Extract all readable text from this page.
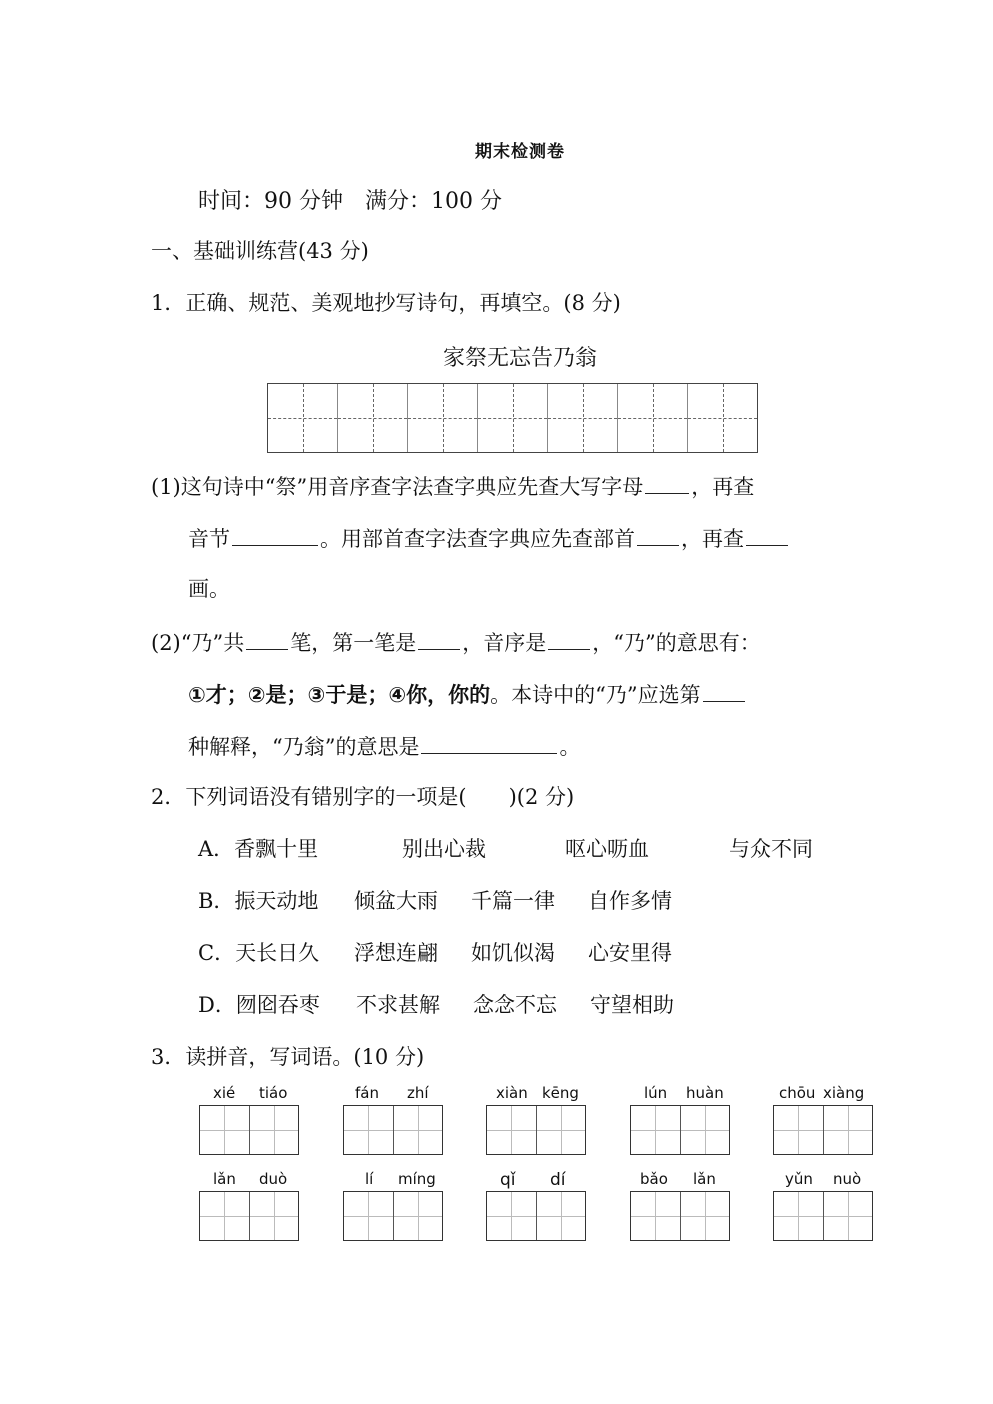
期末检测卷
时间：90 分钟　满分：100 分
一、基础训练营(43 分)
1．正确、规范、美观地抄写诗句，再填空。(8 分)
家祭无忘告乃翁
(1)这句诗中“祭”用音序查字法查字典应先查大写字母 ，再查
音节	。用部首查字法查字典应先查部首 ，再查
画。
(2)“乃”共 笔，第一笔是 ，音序是 ，“乃”的意思有：
①才；②是；③于是；④你，你的。本诗中的“乃”应选第
种解释，“乃翁”的意思是	。
2．下列词语没有错别字的一项是(　　)(2 分)
A．香飘十里	别出心裁	呕心呖血	与众不同
B．振天动地 倾盆大雨 千篇一律 自作多情
C．天长日久 浮想连翩 如饥似渴 心安里得
D．囫囵吞枣 不求甚解 念念不忘 守望相助
3．读拼音，写词语。(10 分)
xié tiáo	fán zhí	xiàn kēng	lún huàn	chōu xiàng
lǎn duò	lí míng	qǐ dí	bǎo lǎn	yǔn nuò
